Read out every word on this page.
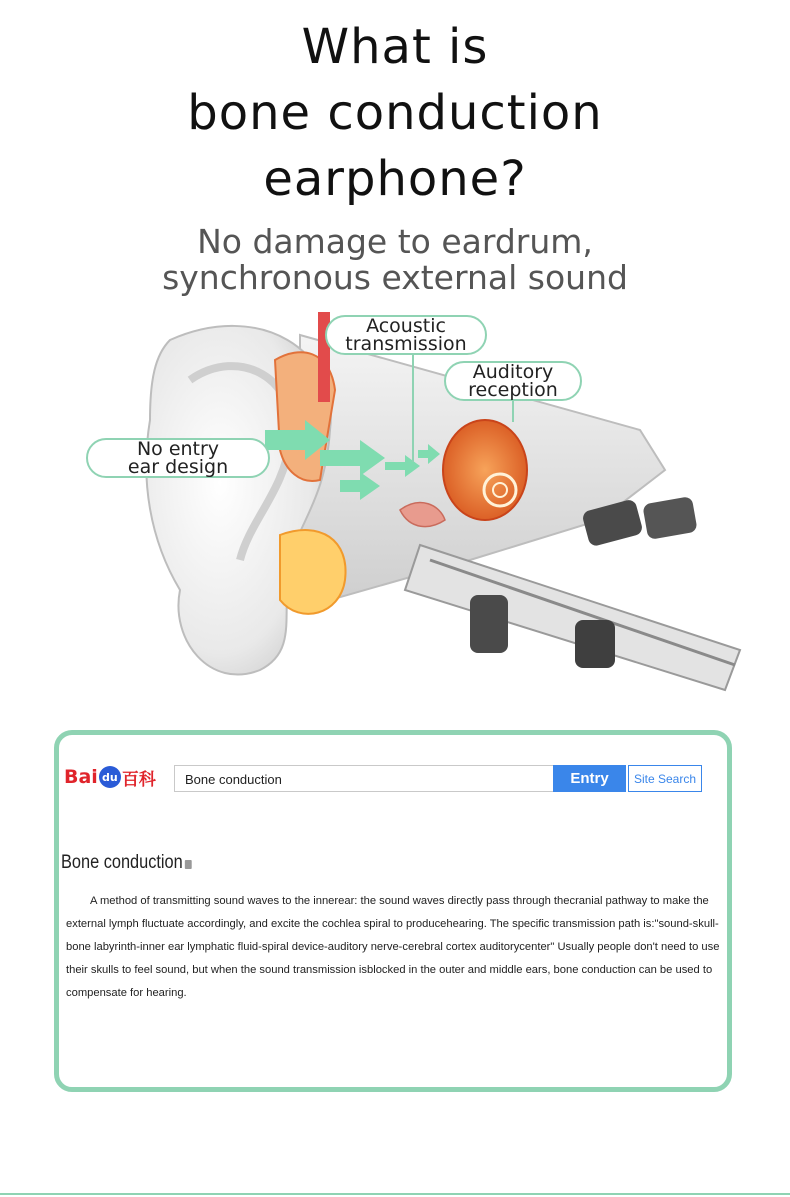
What is
bone conduction
earphone?
No damage to eardrum,
synchronous external sound
Acoustic
transmission
Auditory
reception
No entry
ear design
Bai du 百科	Bone conduction	Entry	Site Search
Bone conduction

A method of transmitting sound waves to the innerear: the sound waves directly pass through thecranial pathway to make the external lymph fluctuate accordingly, and excite the cochlea spiral to producehearing. The specific transmission path is:"sound-skull-bone labyrinth-inner ear lymphatic fluid-spiral device-auditory nerve-cerebral cortex auditorycenter" Usually people don't need to use their skulls to feel sound, but when the sound transmission isblocked in the outer and middle ears, bone conduction can be used to compensate for hearing.
